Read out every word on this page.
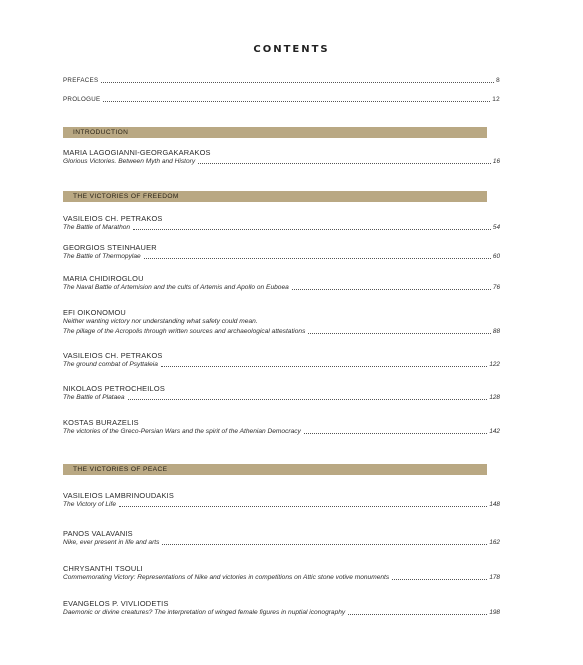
CONTENTS
PREFACES	8
PROLOGUE	12
INTRODUCTION
MARIA LAGOGIANNI-GEORGAKARAKOS
Glorious Victories. Between Myth and History	16
THE VICTORIES OF FREEDOM
VASILEIOS CH. PETRAKOS
The Battle of Marathon	54
GEORGIOS STEINHAUER
The Battle of Thermopylae	60
MARIA CHIDIROGLOU
The Naval Battle of Artemision and the cults of Artemis and Apollo on Euboea	76
EFI OIKONOMOU
Neither wanting victory nor understanding what safety could mean.
The pillage of the Acropolis through written sources and archaeological attestations	88
VASILEIOS CH. PETRAKOS
The ground combat of Psyttaleia	122
NIKOLAOS PETROCHEILOS
The Battle of Plataea	128
KOSTAS BURAZELIS
The victories of the Greco-Persian Wars and the spirit of the Athenian Democracy	142
THE VICTORIES OF PEACE
VASILEIOS LAMBRINOUDAKIS
The Victory of Life	148
PANOS VALAVANIS
Nike, ever present in life and arts	162
CHRYSANTHI TSOULI
Commemorating Victory: Representations of Nike and victories in competitions on Attic stone votive monuments	178
EVANGELOS P. VIVLIODETIS
Daemonic or divine creatures? The interpretation of winged female figures in nuptial iconography	198
